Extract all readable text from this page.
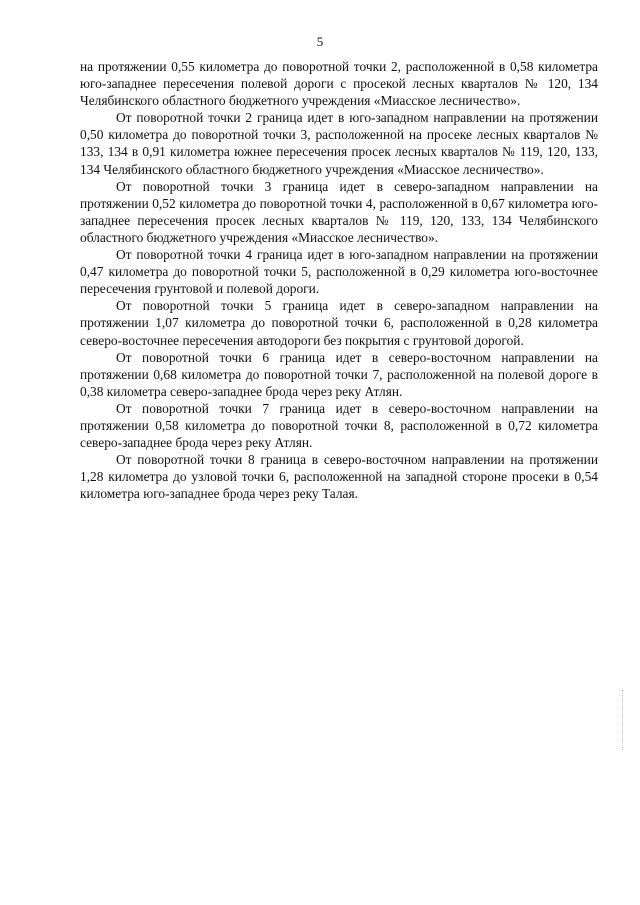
5

на протяжении 0,55 километра до поворотной точки 2, расположенной в 0,58 километра юго-западнее пересечения полевой дороги с просекой лесных кварталов № 120, 134 Челябинского областного бюджетного учреждения «Миасское лесничество».

От поворотной точки 2 граница идет в юго-западном направлении на протяжении 0,50 километра до поворотной точки 3, расположенной на просеке лесных кварталов № 133, 134 в 0,91 километра южнее пересечения просек лесных кварталов № 119, 120, 133, 134 Челябинского областного бюджетного учреждения «Миасское лесничество».

От поворотной точки 3 граница идет в северо-западном направлении на протяжении 0,52 километра до поворотной точки 4, расположенной в 0,67 километра юго-западнее пересечения просек лесных кварталов № 119, 120, 133, 134 Челябинского областного бюджетного учреждения «Миасское лесничество».

От поворотной точки 4 граница идет в юго-западном направлении на протяжении 0,47 километра до поворотной точки 5, расположенной в 0,29 километра юго-восточнее пересечения грунтовой и полевой дороги.

От поворотной точки 5 граница идет в северо-западном направлении на протяжении 1,07 километра до поворотной точки 6, расположенной в 0,28 километра северо-восточнее пересечения автодороги без покрытия с грунтовой дорогой.

От поворотной точки 6 граница идет в северо-восточном направлении на протяжении 0,68 километра до поворотной точки 7, расположенной на полевой дороге в 0,38 километра северо-западнее брода через реку Атлян.

От поворотной точки 7 граница идет в северо-восточном направлении на протяжении 0,58 километра до поворотной точки 8, расположенной в 0,72 километра северо-западнее брода через реку Атлян.

От поворотной точки 8 граница в северо-восточном направлении на протяжении 1,28 километра до узловой точки 6, расположенной на западной стороне просеки в 0,54 километра юго-западнее брода через реку Талая.
